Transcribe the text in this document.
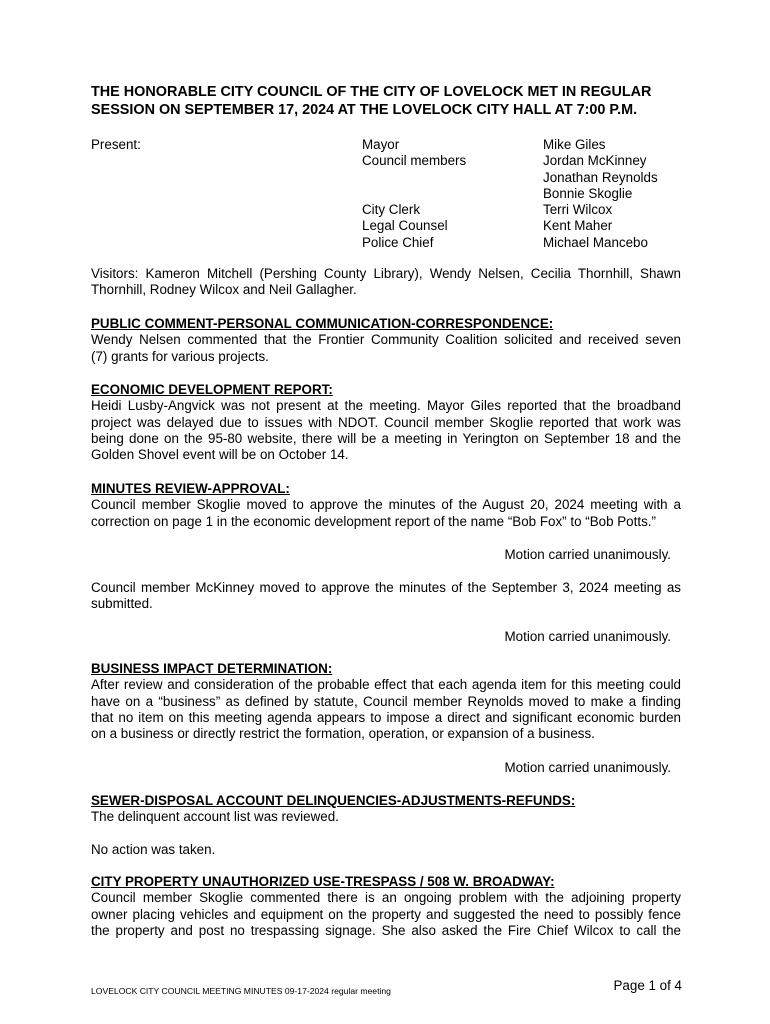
THE HONORABLE CITY COUNCIL OF THE CITY OF LOVELOCK MET IN REGULAR
SESSION ON SEPTEMBER 17, 2024 AT THE LOVELOCK CITY HALL AT 7:00 P.M.
Present:	Mayor
Council members
City Clerk
Legal Counsel
Police Chief
Mike Giles
Jordan McKinney
Jonathan Reynolds
Bonnie Skoglie
Terri Wilcox
Kent Maher
Michael Mancebo
Visitors: Kameron Mitchell (Pershing County Library), Wendy Nelsen, Cecilia Thornhill, Shawn
Thornhill, Rodney Wilcox and Neil Gallagher.
PUBLIC COMMENT-PERSONAL COMMUNICATION-CORRESPONDENCE:
Wendy Nelsen commented that the Frontier Community Coalition solicited and received seven
(7) grants for various projects.
ECONOMIC DEVELOPMENT REPORT:
Heidi Lusby-Angvick was not present at the meeting. Mayor Giles reported that the broadband
project was delayed due to issues with NDOT. Council member Skoglie reported that work was
being done on the 95-80 website, there will be a meeting in Yerington on September 18 and the
Golden Shovel event will be on October 14.
MINUTES REVIEW-APPROVAL:
Council member Skoglie moved to approve the minutes of the August 20, 2024 meeting with a
correction on page 1 in the economic development report of the name “Bob Fox” to “Bob Potts.”
Motion carried unanimously.
Council member McKinney moved to approve the minutes of the September 3, 2024 meeting as
submitted.
Motion carried unanimously.
BUSINESS IMPACT DETERMINATION:
After review and consideration of the probable effect that each agenda item for this meeting could
have on a “business” as defined by statute, Council member Reynolds moved to make a finding
that no item on this meeting agenda appears to impose a direct and significant economic burden
on a business or directly restrict the formation, operation, or expansion of a business.
Motion carried unanimously.
SEWER-DISPOSAL ACCOUNT DELINQUENCIES-ADJUSTMENTS-REFUNDS:
The delinquent account list was reviewed.
No action was taken.
CITY PROPERTY UNAUTHORIZED USE-TRESPASS / 508 W. BROADWAY:
Council member Skoglie commented there is an ongoing problem with the adjoining property
owner placing vehicles and equipment on the property and suggested the need to possibly fence
the property and post no trespassing signage. She also asked the Fire Chief Wilcox to call the
LOVELOCK CITY COUNCIL MEETING MINUTES 09-17-2024 regular meeting	Page 1 of 4
